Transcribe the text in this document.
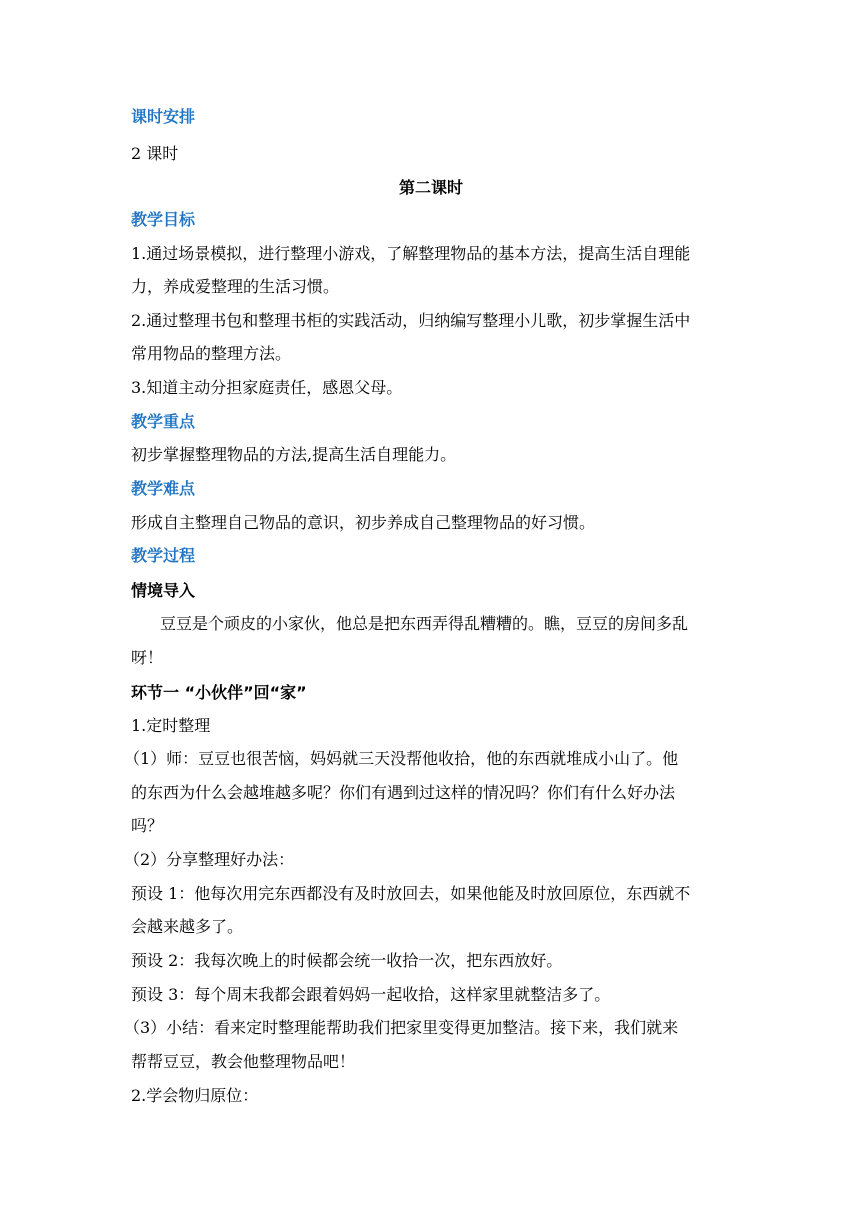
课时安排

2 课时

第二课时

教学目标

1.通过场景模拟，进行整理小游戏，了解整理物品的基本方法，提高生活自理能

力，养成爱整理的生活习惯。

2.通过整理书包和整理书柜的实践活动，归纳编写整理小儿歌，初步掌握生活中

常用物品的整理方法。

3.知道主动分担家庭责任，感恩父母。

教学重点

初步掌握整理物品的方法,提高生活自理能力。

教学难点

形成自主整理自己物品的意识，初步养成自己整理物品的好习惯。

教学过程

情境导入

豆豆是个顽皮的小家伙，他总是把东西弄得乱糟糟的。瞧，豆豆的房间多乱

呀！

环节一 “小伙伴”回“家”

1.定时整理

（1）师：豆豆也很苦恼，妈妈就三天没帮他收拾，他的东西就堆成小山了。他

的东西为什么会越堆越多呢？你们有遇到过这样的情况吗？你们有什么好办法

吗？

（2）分享整理好办法：

预设 1：他每次用完东西都没有及时放回去，如果他能及时放回原位，东西就不

会越来越多了。

预设 2：我每次晚上的时候都会统一收拾一次，把东西放好。

预设 3：每个周末我都会跟着妈妈一起收拾，这样家里就整洁多了。

（3）小结：看来定时整理能帮助我们把家里变得更加整洁。接下来，我们就来

帮帮豆豆，教会他整理物品吧！

2.学会物归原位：
